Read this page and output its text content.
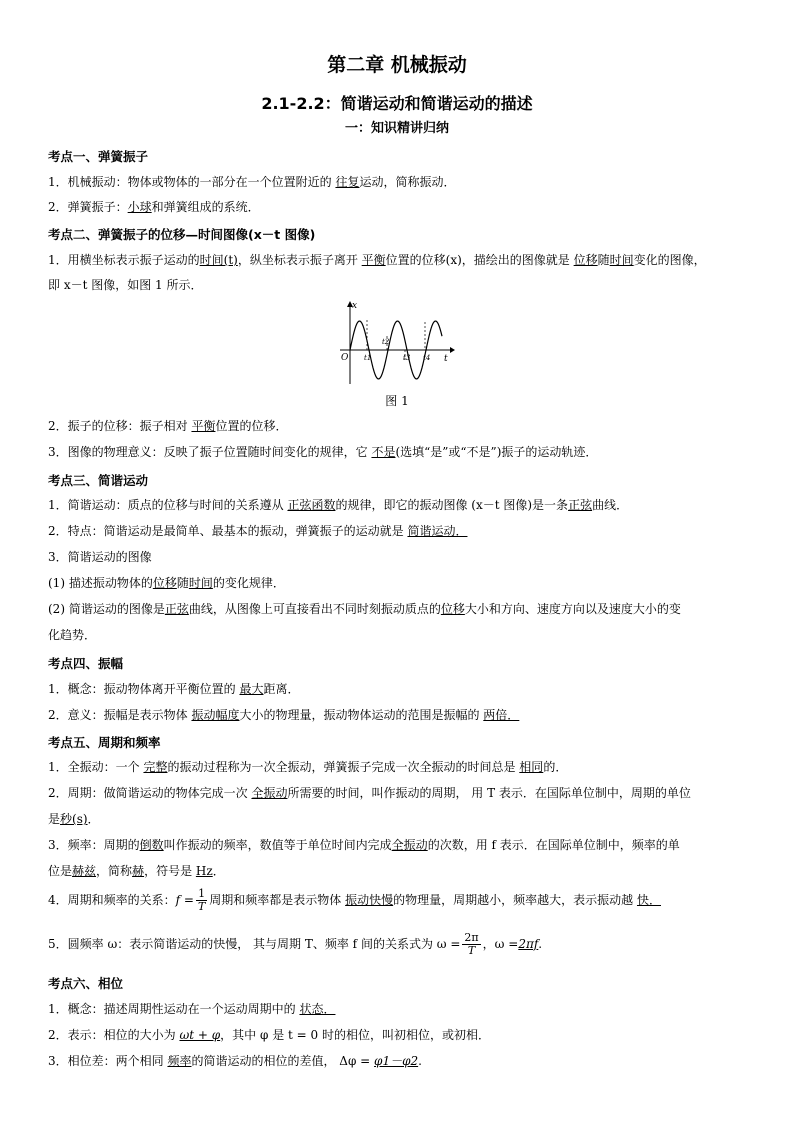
第二章 机械振动
2.1-2.2：简谐运动和简谐运动的描述
一：知识精讲归纳
考点一、弹簧振子
1．机械振动：物体或物体的一部分在一个位置附近的 往复运动，简称振动．
2．弹簧振子：小球和弹簧组成的系统．
考点二、弹簧振子的位移—时间图像(x－t 图像)
1．用横坐标表示振子运动的时间(t)，纵坐标表示振子离开 平衡位置的位移(x)，描绘出的图像就是 位移随时间变化的图像，
即 x－t 图像，如图 1 所示．
x
t
O t1
t2
t3 t4
图 1
2．振子的位移：振子相对 平衡位置的位移．
3．图像的物理意义：反映了振子位置随时间变化的规律，它 不是(选填“是”或“不是”)振子的运动轨迹．
考点三、简谐运动
1．简谐运动：质点的位移与时间的关系遵从 正弦函数的规律，即它的振动图像 (x－t 图像)是一条正弦曲线．
2．特点：简谐运动是最简单、最基本的振动，弹簧振子的运动就是 简谐运动．
3．简谐运动的图像
(1) 描述振动物体的位移随时间的变化规律．
(2) 简谐运动的图像是正弦曲线，从图像上可直接看出不同时刻振动质点的位移大小和方向、速度方向以及速度大小的变
化趋势．
考点四、振幅
1．概念：振动物体离开平衡位置的 最大距离．
2．意义：振幅是表示物体 振动幅度大小的物理量，振动物体运动的范围是振幅的 两倍．
考点五、周期和频率
1．全振动：一个 完整的振动过程称为一次全振动，弹簧振子完成一次全振动的时间总是 相同的．
2．周期：做简谐运动的物体完成一次 全振动所需要的时间，叫作振动的周期， 用 T 表示．在国际单位制中，周期的单位
是秒(s)．
3．频率：周期的倒数叫作振动的频率，数值等于单位时间内完成全振动的次数，用 f 表示．在国际单位制中，频率的单
位是赫兹，简称赫，符号是 Hz．
4．周期和频率的关系：$f = \frac{1}{T}$ 周期和频率都是表示物体 振动快慢的物理量，周期越小，频率越大，表示振动越 快．
5．圆频率 ω：表示简谐运动的快慢， 其与周期 T、频率 f 间的关系式为 $\omega = \frac{2\pi}{T}$ ，ω =2πf.
考点六、相位
1．概念：描述周期性运动在一个运动周期中的 状态．
2．表示：相位的大小为 ωt + φ，其中 φ 是 t = 0 时的相位，叫初相位，或初相．
3．相位差：两个相同 频率的简谐运动的相位的差值， Δφ = φ1－φ2.
